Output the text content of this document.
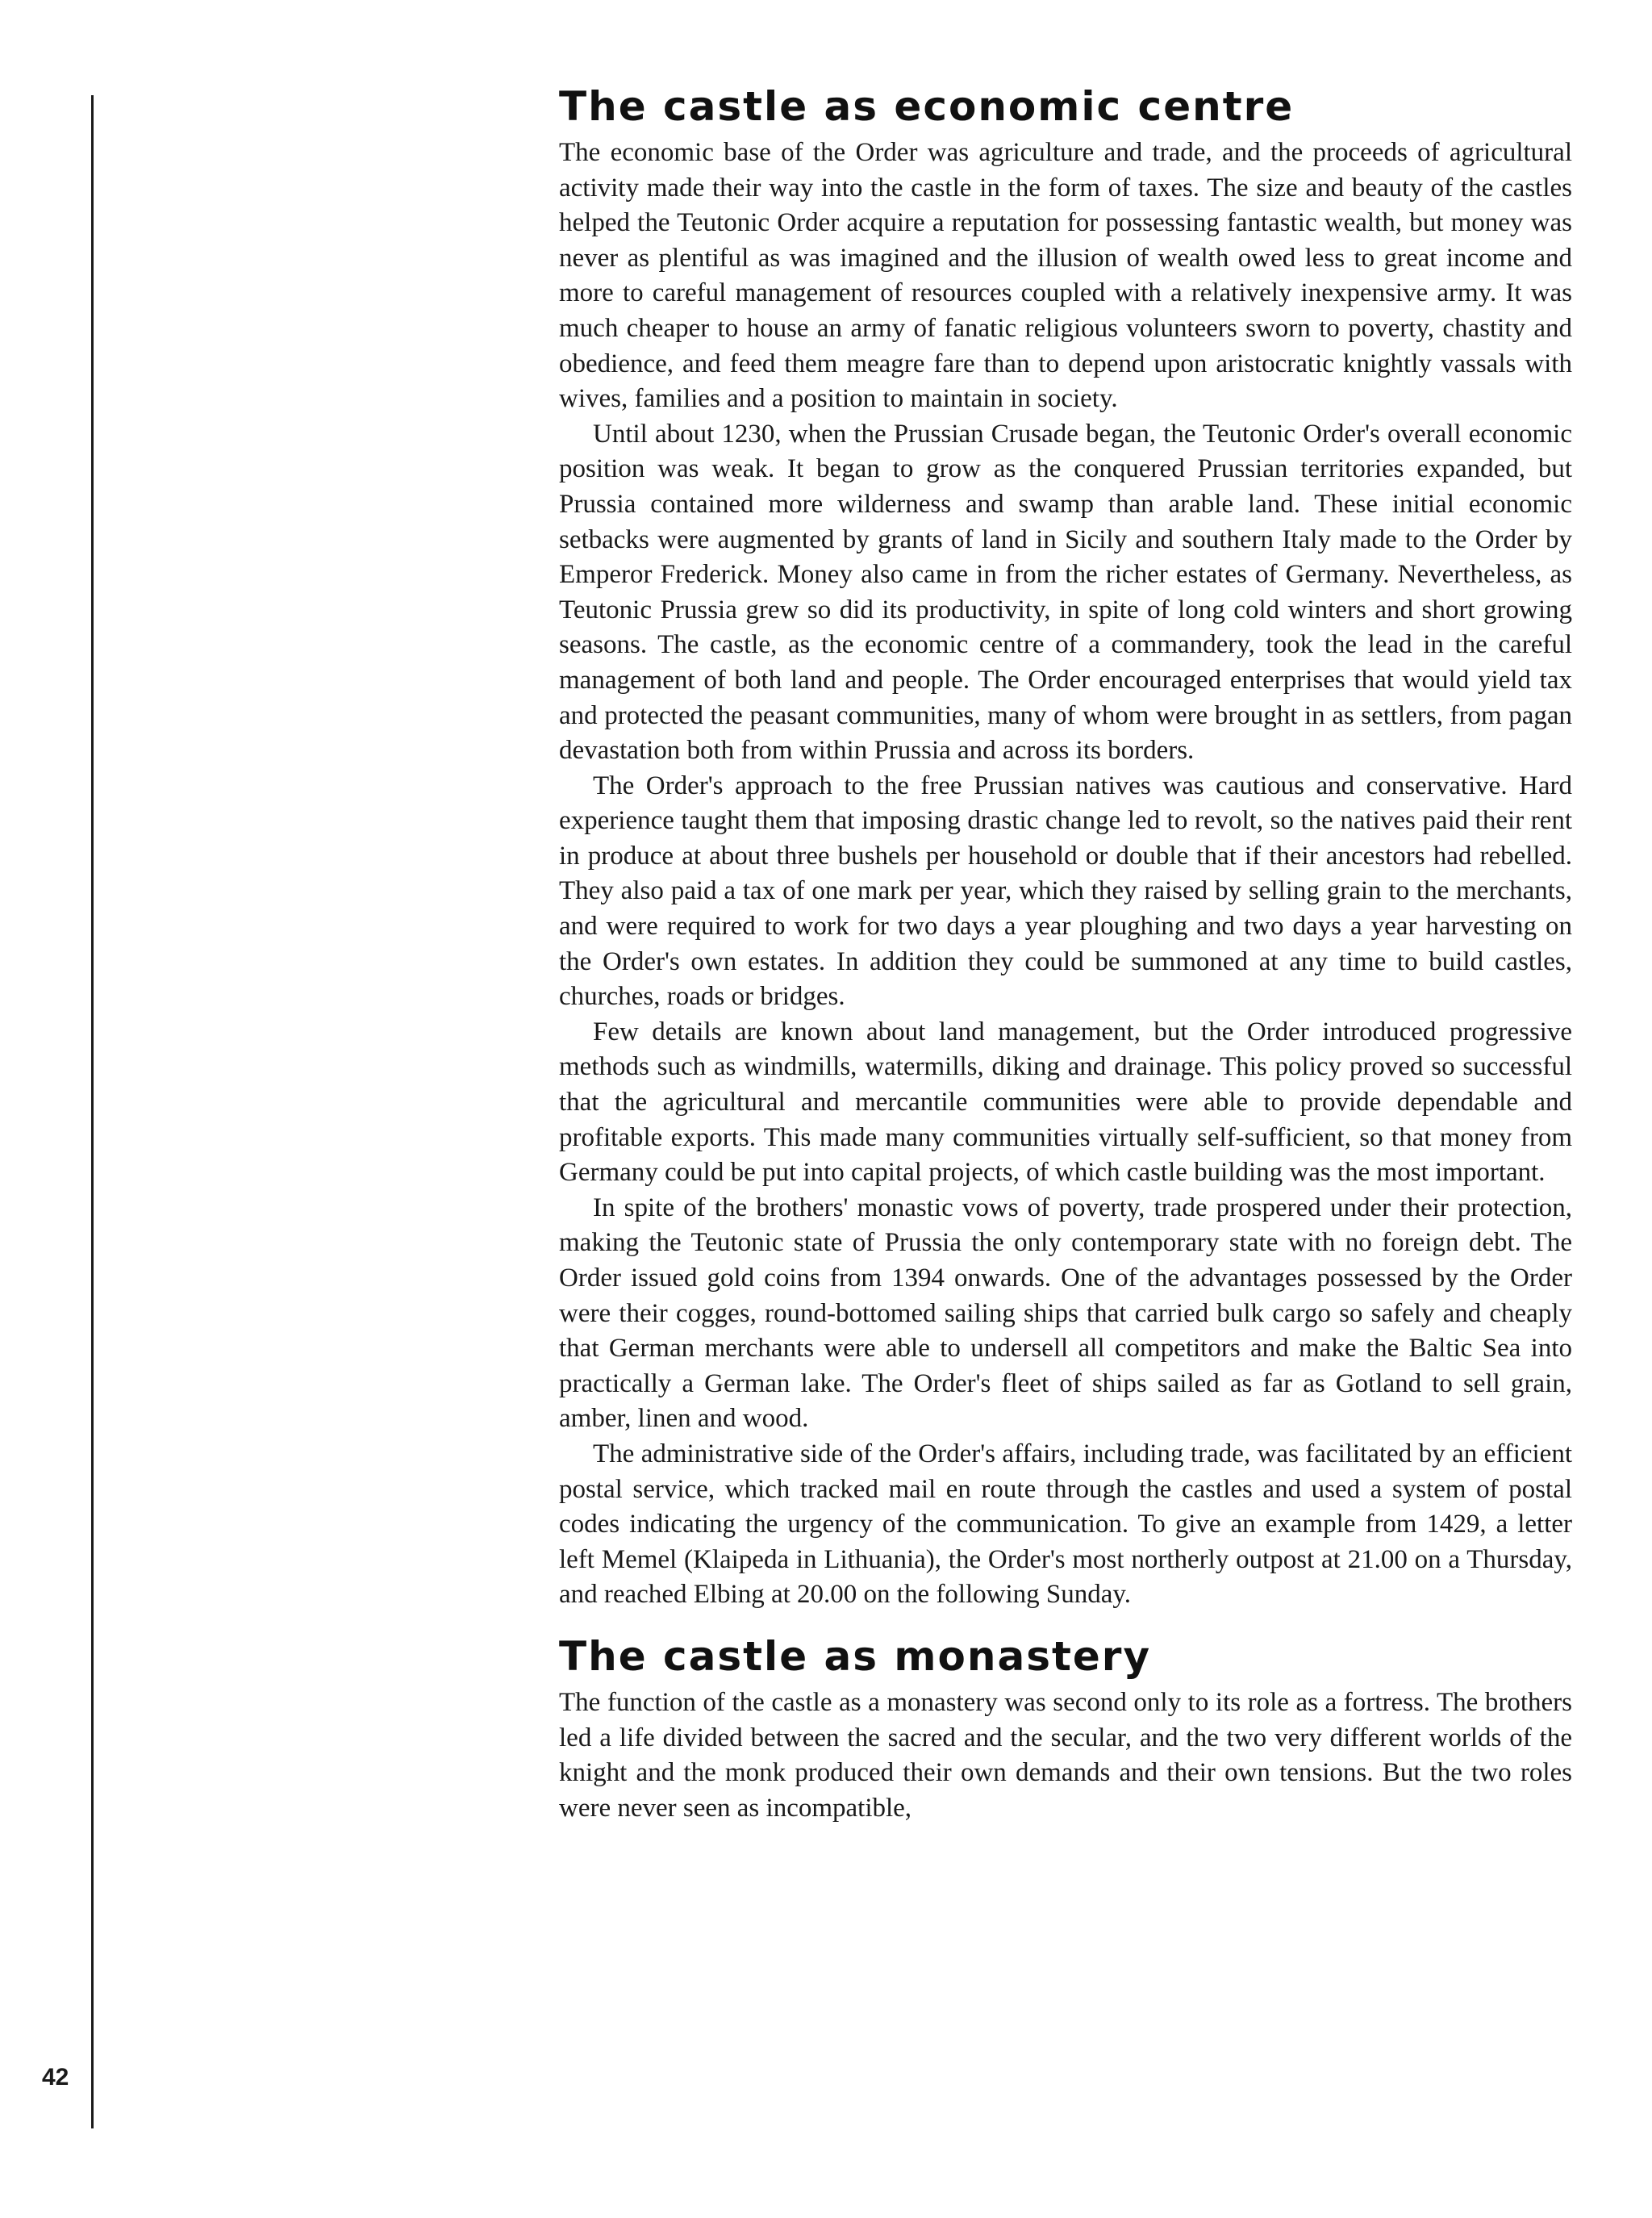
42
The castle as economic centre

The economic base of the Order was agriculture and trade, and the proceeds of agricultural activity made their way into the castle in the form of taxes. The size and beauty of the castles helped the Teutonic Order acquire a reputation for possessing fantastic wealth, but money was never as plentiful as was imagined and the illusion of wealth owed less to great income and more to careful management of resources coupled with a relatively inexpensive army. It was much cheaper to house an army of fanatic religious volunteers sworn to poverty, chastity and obedience, and feed them meagre fare than to depend upon aristocratic knightly vassals with wives, families and a position to maintain in society.

Until about 1230, when the Prussian Crusade began, the Teutonic Order's overall economic position was weak. It began to grow as the conquered Prussian territories expanded, but Prussia contained more wilderness and swamp than arable land. These initial economic setbacks were augmented by grants of land in Sicily and southern Italy made to the Order by Emperor Frederick. Money also came in from the richer estates of Germany. Nevertheless, as Teutonic Prussia grew so did its productivity, in spite of long cold winters and short growing seasons. The castle, as the economic centre of a commandery, took the lead in the careful management of both land and people. The Order encouraged enterprises that would yield tax and protected the peasant communities, many of whom were brought in as settlers, from pagan devastation both from within Prussia and across its borders.

The Order's approach to the free Prussian natives was cautious and conservative. Hard experience taught them that imposing drastic change led to revolt, so the natives paid their rent in produce at about three bushels per household or double that if their ancestors had rebelled. They also paid a tax of one mark per year, which they raised by selling grain to the merchants, and were required to work for two days a year ploughing and two days a year harvesting on the Order's own estates. In addition they could be summoned at any time to build castles, churches, roads or bridges.

Few details are known about land management, but the Order introduced progressive methods such as windmills, watermills, diking and drainage. This policy proved so successful that the agricultural and mercantile communities were able to provide dependable and profitable exports. This made many communities virtually self-sufficient, so that money from Germany could be put into capital projects, of which castle building was the most important.

In spite of the brothers' monastic vows of poverty, trade prospered under their protection, making the Teutonic state of Prussia the only contemporary state with no foreign debt. The Order issued gold coins from 1394 onwards. One of the advantages possessed by the Order were their cogges, round-bottomed sailing ships that carried bulk cargo so safely and cheaply that German merchants were able to undersell all competitors and make the Baltic Sea into practically a German lake. The Order's fleet of ships sailed as far as Gotland to sell grain, amber, linen and wood.

The administrative side of the Order's affairs, including trade, was facilitated by an efficient postal service, which tracked mail en route through the castles and used a system of postal codes indicating the urgency of the communication. To give an example from 1429, a letter left Memel (Klaipeda in Lithuania), the Order's most northerly outpost at 21.00 on a Thursday, and reached Elbing at 20.00 on the following Sunday.

The castle as monastery

The function of the castle as a monastery was second only to its role as a fortress. The brothers led a life divided between the sacred and the secular, and the two very different worlds of the knight and the monk produced their own demands and their own tensions. But the two roles were never seen as incompatible,
